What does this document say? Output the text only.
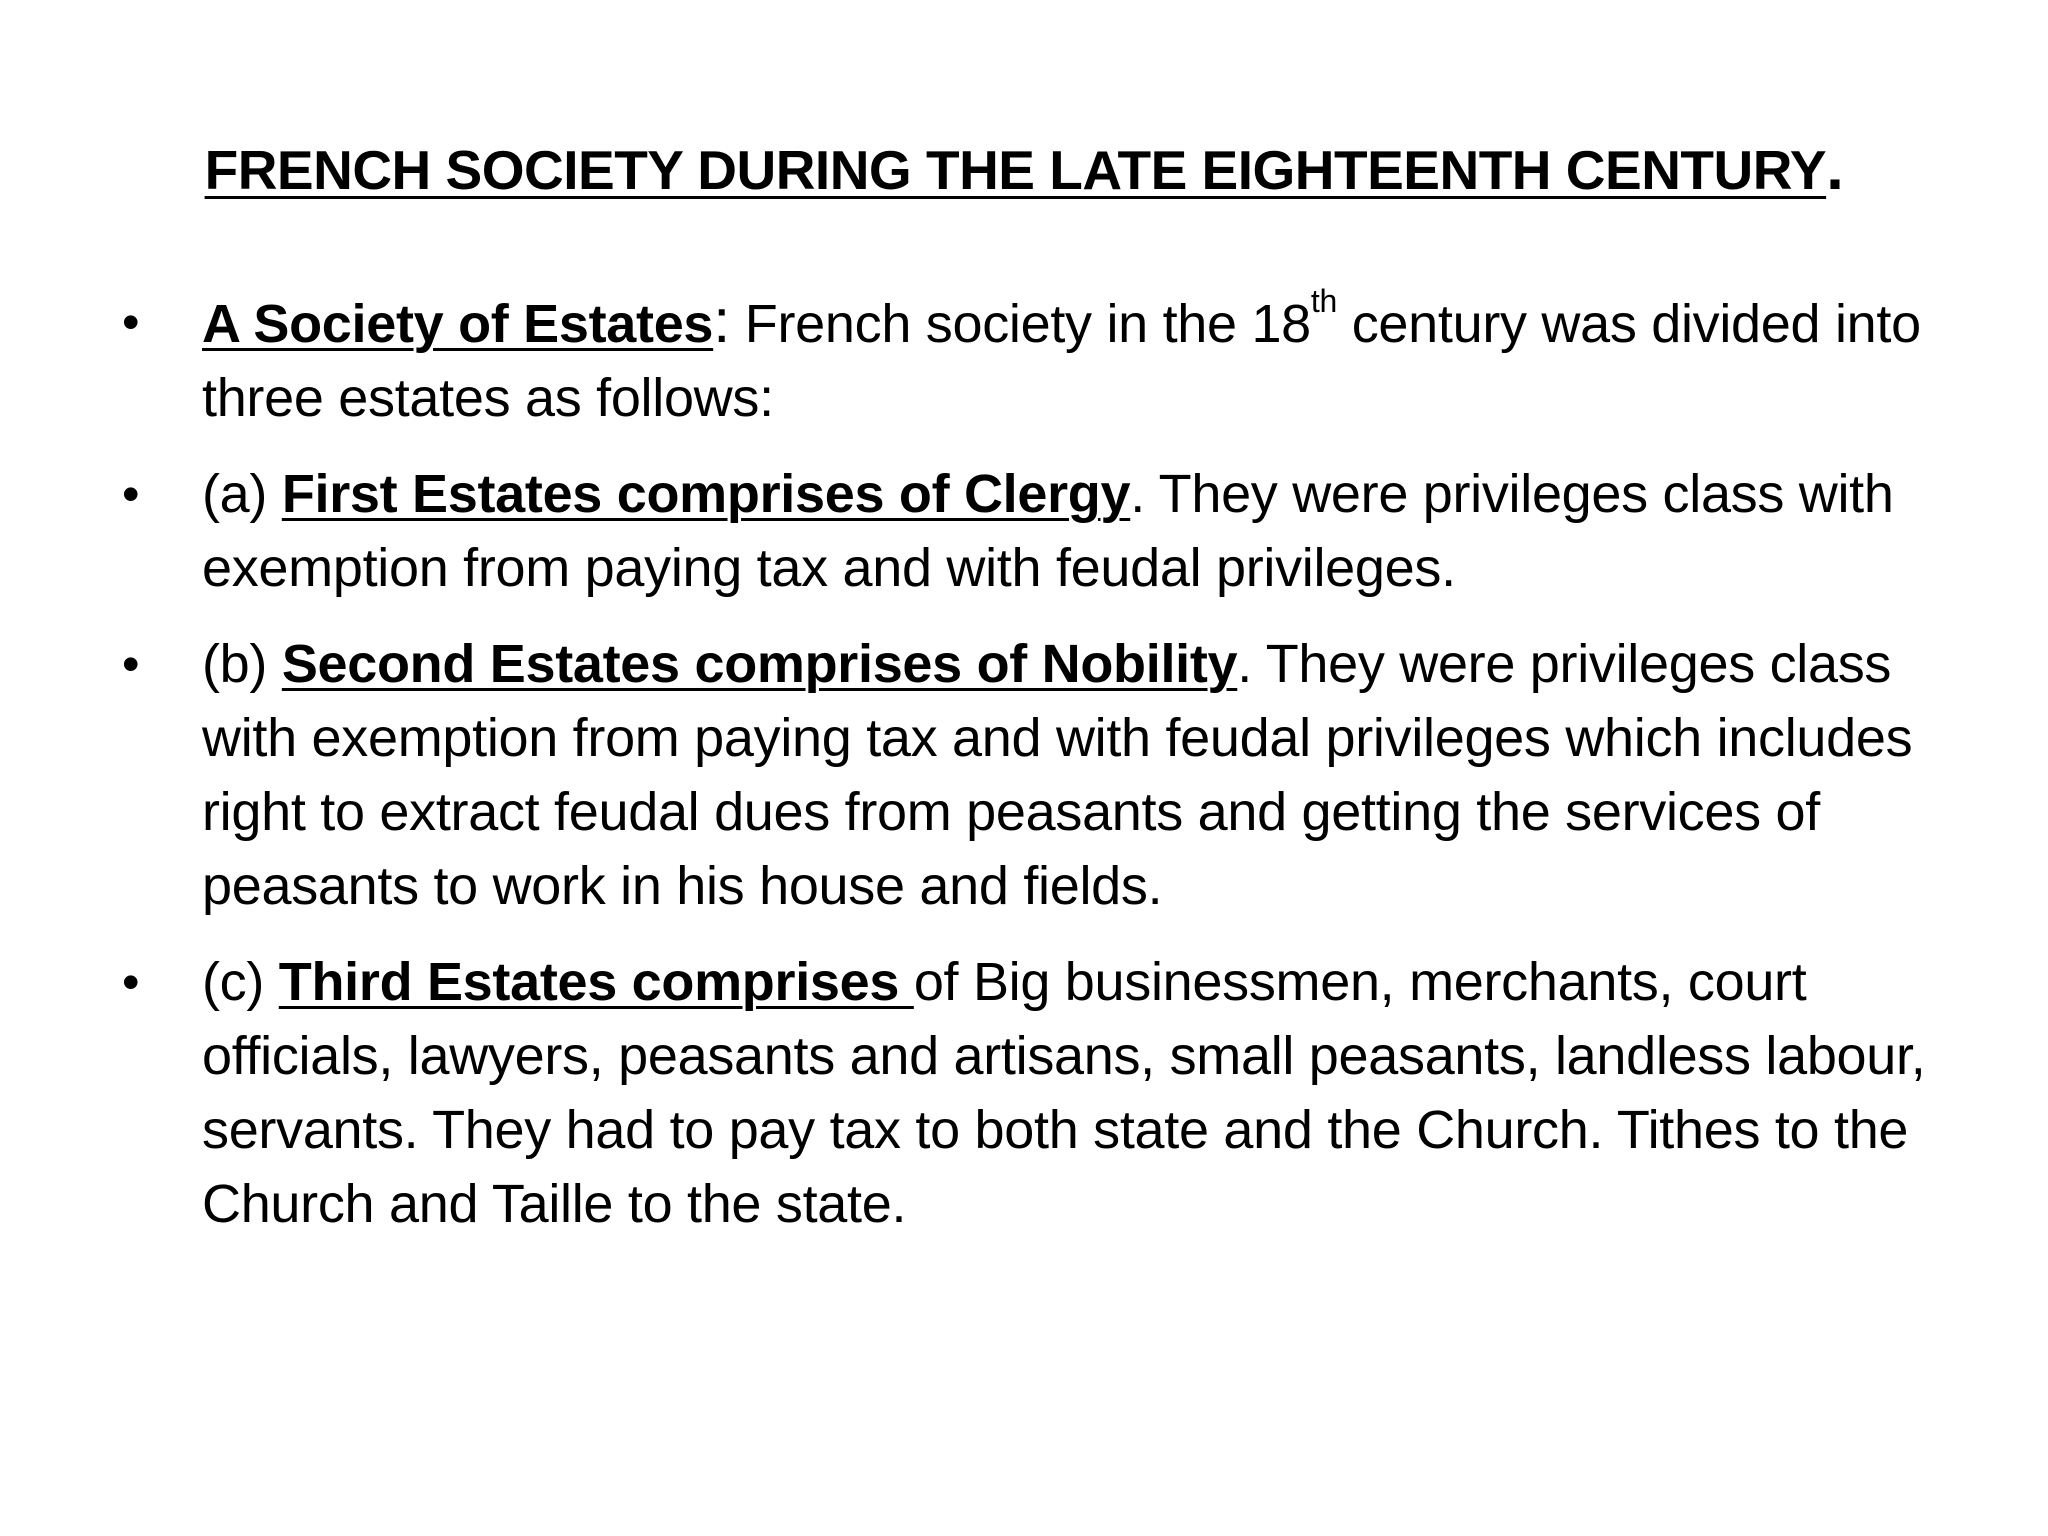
FRENCH SOCIETY DURING THE LATE EIGHTEENTH CENTURY.
• A Society of Estates: French society in the 18th century was divided into three estates as follows:
• (a) First Estates comprises of Clergy. They were privileges class with exemption from paying tax and with feudal privileges.
• (b) Second Estates comprises of Nobility. They were privileges class with exemption from paying tax and with feudal privileges which includes right to extract feudal dues from peasants and getting the services of peasants to work in his house and fields.
• (c) Third Estates comprises of Big businessmen, merchants, court officials, lawyers, peasants and artisans, small peasants, landless labour, servants. They had to pay tax to both state and the Church. Tithes to the Church and Taille to the state.
